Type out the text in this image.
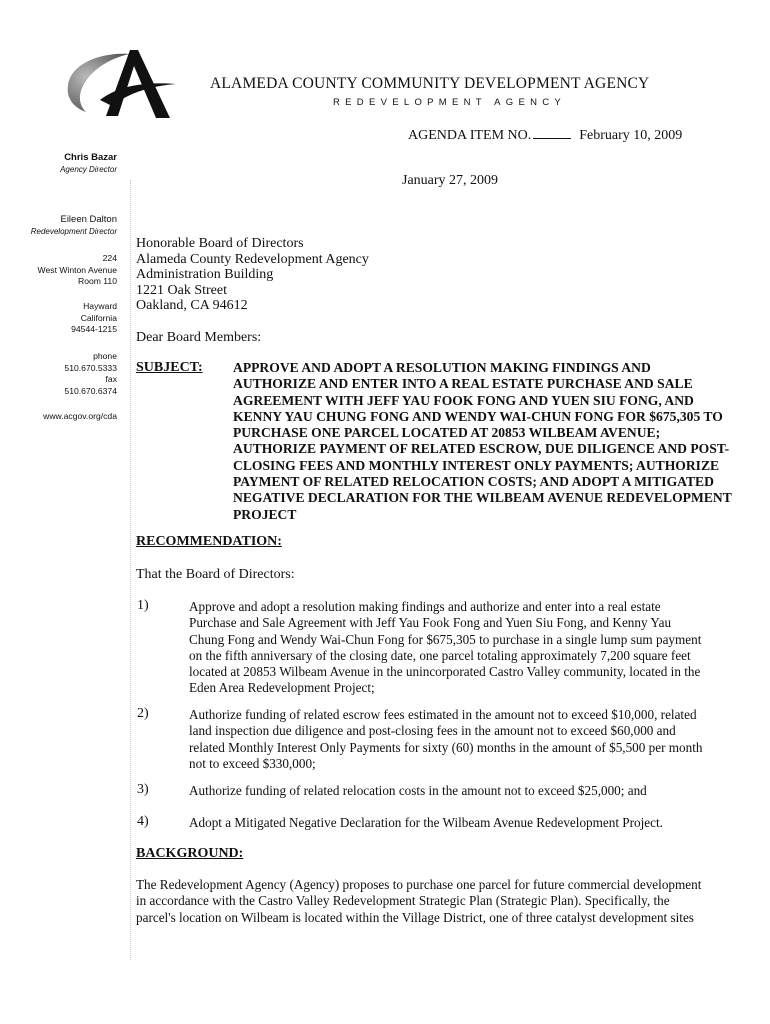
ALAMEDA COUNTY COMMUNITY DEVELOPMENT AGENCY
REDEVELOPMENT AGENCY
AGENDA ITEM NO.	February 10, 2009
January 27, 2009
Chris Bazar
Agency Director
Eileen Dalton
Redevelopment Director
224
West Winton Avenue
Room 110
Hayward
California
94544-1215
phone
510.670.5333
fax
510.670.6374
www.acgov.org/cda
Honorable Board of Directors
Alameda County Redevelopment Agency
Administration Building
1221 Oak Street
Oakland, CA 94612
Dear Board Members:
SUBJECT: APPROVE AND ADOPT A RESOLUTION MAKING FINDINGS AND AUTHORIZE AND ENTER INTO A REAL ESTATE PURCHASE AND SALE AGREEMENT WITH JEFF YAU FOOK FONG AND YUEN SIU FONG, AND KENNY YAU CHUNG FONG AND WENDY WAI-CHUN FONG FOR $675,305 TO PURCHASE ONE PARCEL LOCATED AT 20853 WILBEAM AVENUE; AUTHORIZE PAYMENT OF RELATED ESCROW, DUE DILIGENCE AND POST-CLOSING FEES AND MONTHLY INTEREST ONLY PAYMENTS; AUTHORIZE PAYMENT OF RELATED RELOCATION COSTS; AND ADOPT A MITIGATED NEGATIVE DECLARATION FOR THE WILBEAM AVENUE REDEVELOPMENT PROJECT
RECOMMENDATION:
That the Board of Directors:
1)	Approve and adopt a resolution making findings and authorize and enter into a real estate Purchase and Sale Agreement with Jeff Yau Fook Fong and Yuen Siu Fong, and Kenny Yau Chung Fong and Wendy Wai-Chun Fong for $675,305 to purchase in a single lump sum payment on the fifth anniversary of the closing date, one parcel totaling approximately 7,200 square feet located at 20853 Wilbeam Avenue in the unincorporated Castro Valley community, located in the Eden Area Redevelopment Project;
2)	Authorize funding of related escrow fees estimated in the amount not to exceed $10,000, related land inspection due diligence and post-closing fees in the amount not to exceed $60,000 and related Monthly Interest Only Payments for sixty (60) months in the amount of $5,500 per month not to exceed $330,000;
3)	Authorize funding of related relocation costs in the amount not to exceed $25,000; and
4)	Adopt a Mitigated Negative Declaration for the Wilbeam Avenue Redevelopment Project.
BACKGROUND:
The Redevelopment Agency (Agency) proposes to purchase one parcel for future commercial development in accordance with the Castro Valley Redevelopment Strategic Plan (Strategic Plan). Specifically, the parcel's location on Wilbeam is located within the Village District, one of three catalyst development sites
